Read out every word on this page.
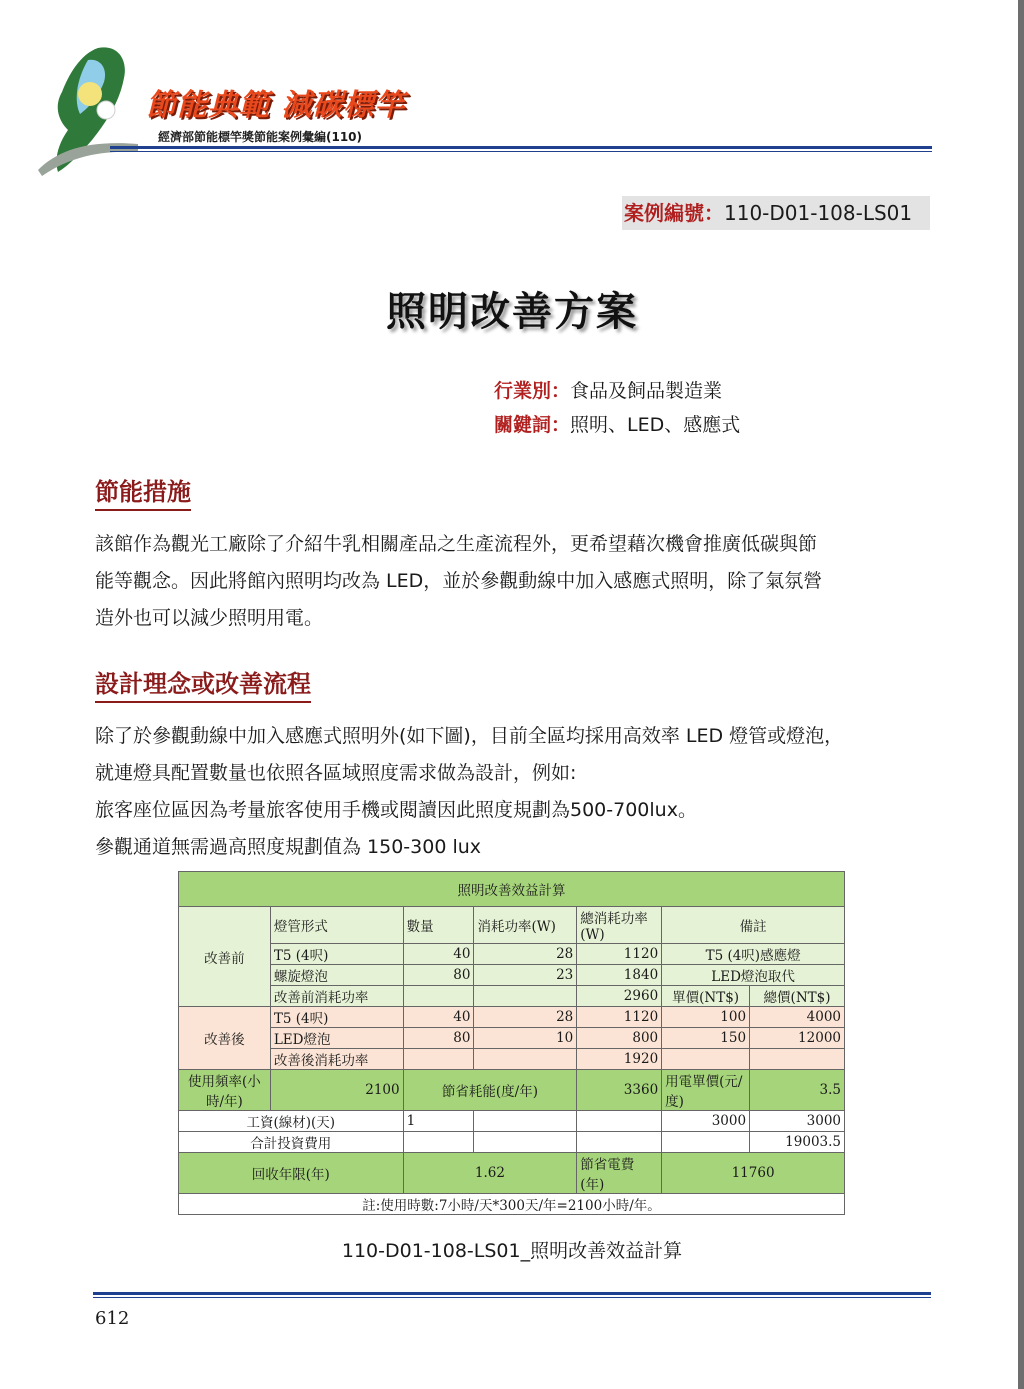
節能典範 減碳標竿
經濟部節能標竿獎節能案例彙編(110)
案例編號：110-D01-108-LS01
照明改善方案
行業別：食品及飼品製造業
關鍵詞：照明、LED、感應式
節能措施
該館作為觀光工廠除了介紹牛乳相關產品之生產流程外，更希望藉次機會推廣低碳與節
能等觀念。因此將館內照明均改為 LED，並於參觀動線中加入感應式照明，除了氣氛營
造外也可以減少照明用電。
設計理念或改善流程
除了於參觀動線中加入感應式照明外(如下圖)，目前全區均採用高效率 LED 燈管或燈泡，
就連燈具配置數量也依照各區域照度需求做為設計，例如:
旅客座位區因為考量旅客使用手機或閱讀因此照度規劃為500-700lux。
參觀通道無需過高照度規劃值為 150-300 lux
照明改善效益計算						
改善前	燈管形式	數量	消耗功率(W)	總消耗功率(W)	備註	
	T5 (4呎)	40	28	1120	T5 (4呎)感應燈	
	螺旋燈泡	80	23	1840	LED燈泡取代	
	改善前消耗功率			2960	單價(NT$)	總價(NT$)
改善後	T5 (4呎)	40	28	1120	100	4000
	LED燈泡	80	10	800	150	12000
	改善後消耗功率			1920		
使用頻率(小時/年)	2100	節省耗能(度/年)		3360	用電單價(元/度)	3.5
工資(線材)(天)		1			3000	3000
合計投資費用						19003.5
回收年限(年)		1.62		節省電費(年)	11760	
註:使用時數:7小時/天*300天/年=2100小時/年。						
110-D01-108-LS01_照明改善效益計算
612
